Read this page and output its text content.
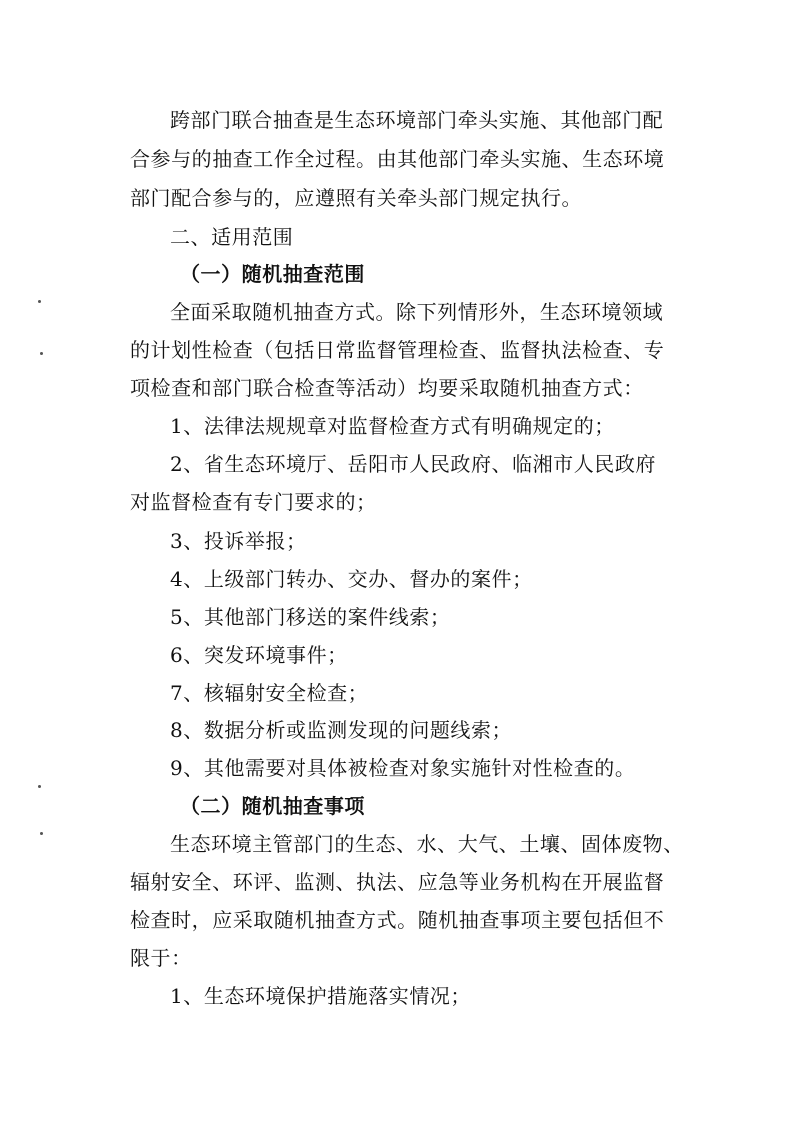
跨部门联合抽查是生态环境部门牵头实施、其他部门配
合参与的抽查工作全过程。由其他部门牵头实施、生态环境
部门配合参与的，应遵照有关牵头部门规定执行。
二、适用范围
（一）随机抽查范围
全面采取随机抽查方式。除下列情形外，生态环境领域
的计划性检查（包括日常监督管理检查、监督执法检查、专
项检查和部门联合检查等活动）均要采取随机抽查方式：
1、法律法规规章对监督检查方式有明确规定的；
2、省生态环境厅、岳阳市人民政府、临湘市人民政府
对监督检查有专门要求的；
3、投诉举报；
4、上级部门转办、交办、督办的案件；
5、其他部门移送的案件线索；
6、突发环境事件；
7、核辐射安全检查；
8、数据分析或监测发现的问题线索；
9、其他需要对具体被检查对象实施针对性检查的。
（二）随机抽查事项
生态环境主管部门的生态、水、大气、土壤、固体废物、
辐射安全、环评、监测、执法、应急等业务机构在开展监督
检查时，应采取随机抽查方式。随机抽查事项主要包括但不
限于：
1、生态环境保护措施落实情况；
